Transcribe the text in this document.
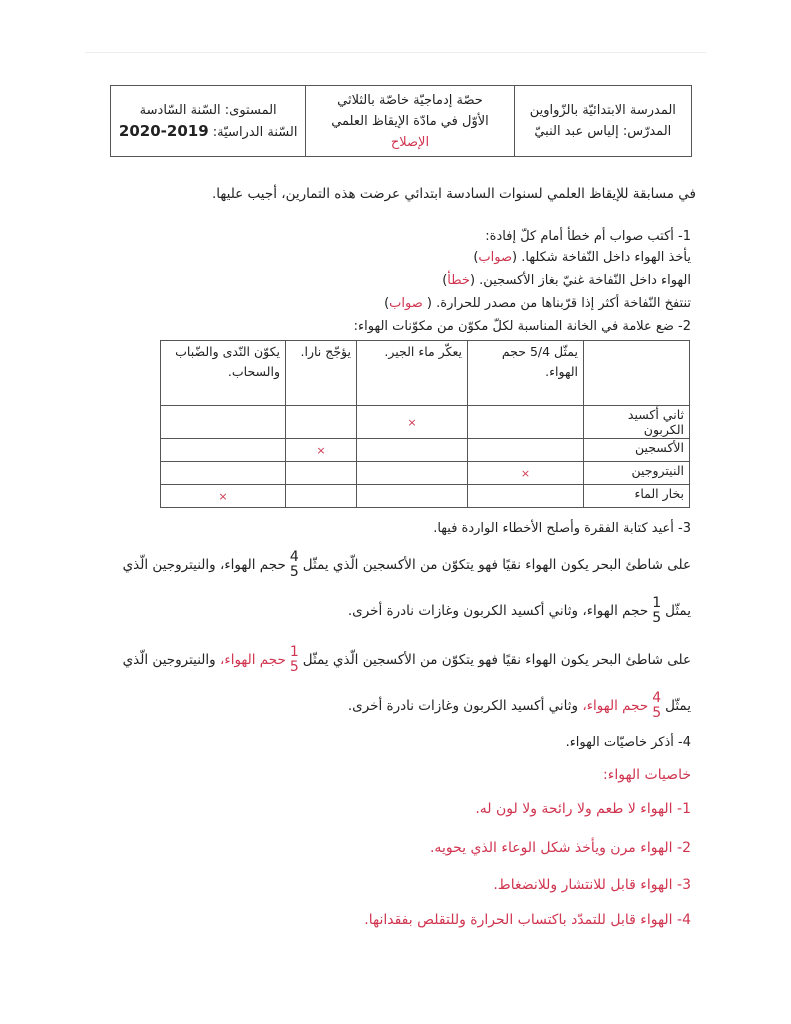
المدرسة الابتدائيّة بالزّواوين
المدرّس: إلياس عبد النبيّ
حصّة إدماجيّة خاصّة بالثلاثي
الأوّل في مادّة الإيقاظ العلمي
الإصلاح
المستوى: السّنة السّادسة
السّنة الدراسيّة: 2020-2019
في مسابقة للإيقاظ العلمي لسنوات السادسة ابتدائي عرضت هذه التمارين، أجيب عليها.
1- أكتب صواب أم خطأ أمام كلّ إفادة:
يأخذ الهواء داخل النّفاخة شكلها. (صواب)
الهواء داخل النّفاخة غنيّ بغاز الأكسجين. (خطأ)
تنتفخ النّفاخة أكثر إذا قرّبناها من مصدر للحرارة. ( صواب)
2- ضع علامة في الخانة المناسبة لكلّ مكوّن من مكوّنات الهواء:
	يمثّل 5/4 حجم الهواء.	يعكّر ماء الجير.	يؤجّج نارا.	يكوّن النّدى والضّباب والسحاب.
ثاني أكسيد الكربون		×		
الأكسجين			×	
النيتروجين	×			
بخار الماء				×
3- أعيد كتابة الفقرة وأصلح الأخطاء الواردة فيها.
على شاطئ البحر يكون الهواء نقيًا فهو يتكوّن من الأكسجين الّذي يمثّل
4
5
حجم الهواء، والنيتروجين الّذي
يمثّل
1
5
حجم الهواء، وثاني أكسيد الكربون وغازات نادرة أخرى.
على شاطئ البحر يكون الهواء نقيًا فهو يتكوّن من الأكسجين الّذي يمثّل
1
5
حجم الهواء، والنيتروجين الّذي
يمثّل
4
5
حجم الهواء، وثاني أكسيد الكربون وغازات نادرة أخرى.
4- أذكر خاصيّات الهواء.
خاصيات الهواء:
1- الهواء لا طعم ولا رائحة ولا لون له.
2- الهواء مرن ويأخذ شكل الوعاء الذي يحويه.
3- الهواء قابل للانتشار وللانضغاط.
4- الهواء قابل للتمدّد باكتساب الحرارة وللتقلص بفقدانها.
